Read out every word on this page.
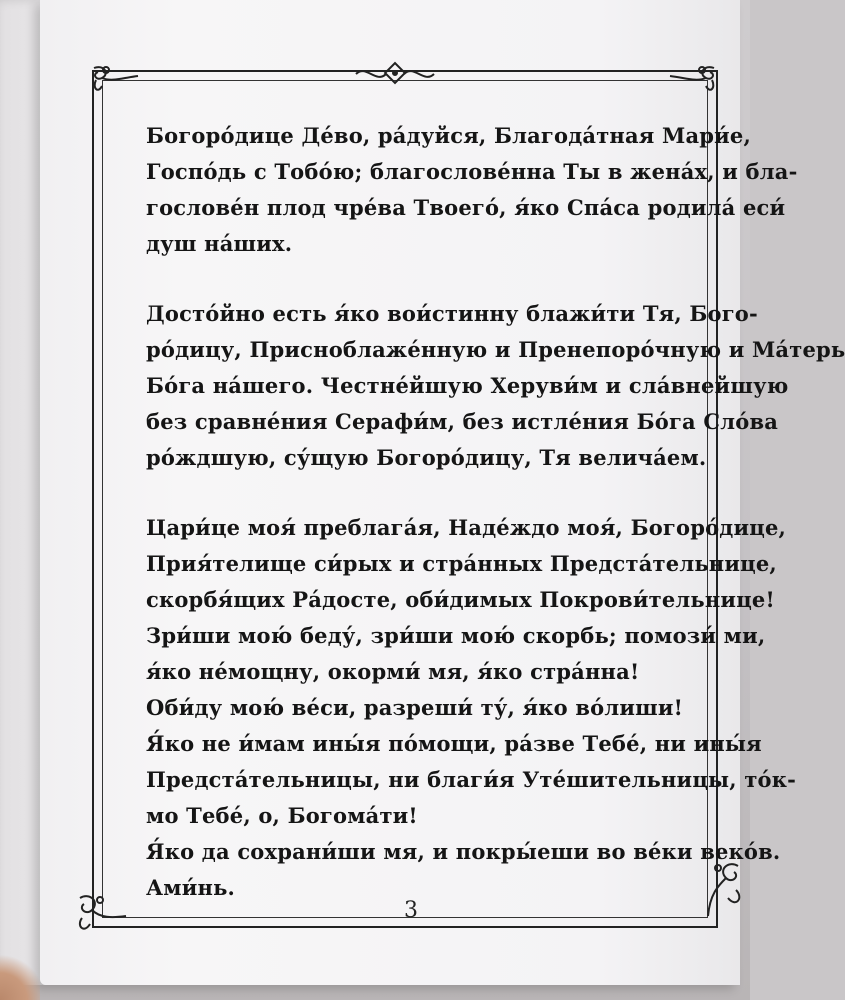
Богоро́дице Де́во, ра́дуйся, Благода́тная Мари́е,
Госпо́дь с Тобо́ю; благослове́нна Ты в жена́х, и бла-
гослове́н плод чре́ва Твоего́, я́ко Спа́са родила́ еси́
душ на́ших.
Досто́йно есть я́ко вои́стинну блажи́ти Тя, Бого-
ро́дицу, Присноблаже́нную и Пренепоро́чную и Ма́терь
Бо́га на́шего. Честне́йшую Херуви́м и сла́внейшую
без сравне́ния Серафи́м, без истле́ния Бо́га Сло́ва
ро́ждшую, су́щую Богоро́дицу, Тя велича́ем.
Цари́це моя́ преблага́я, Наде́ждо моя́, Богоро́дице,
Прия́телище си́рых и стра́нных Предста́тельнице,
скорбя́щих Ра́досте, оби́димых Покрови́тельнице!
Зри́ши мою́ беду́, зри́ши мою́ скорбь; помози́ ми,
я́ко не́мощну, окорми́ мя, я́ко стра́нна!
Оби́ду мою́ ве́си, разреши́ ту́, я́ко во́лиши!
Я́ко не и́мам ины́я по́мощи, ра́зве Тебе́, ни ины́я
Предста́тельницы, ни благи́я Уте́шительницы, то́к-
мо Тебе́, о, Богома́ти!
Я́ко да сохрани́ши мя, и покры́еши во ве́ки веко́в.
Ами́нь.
3
